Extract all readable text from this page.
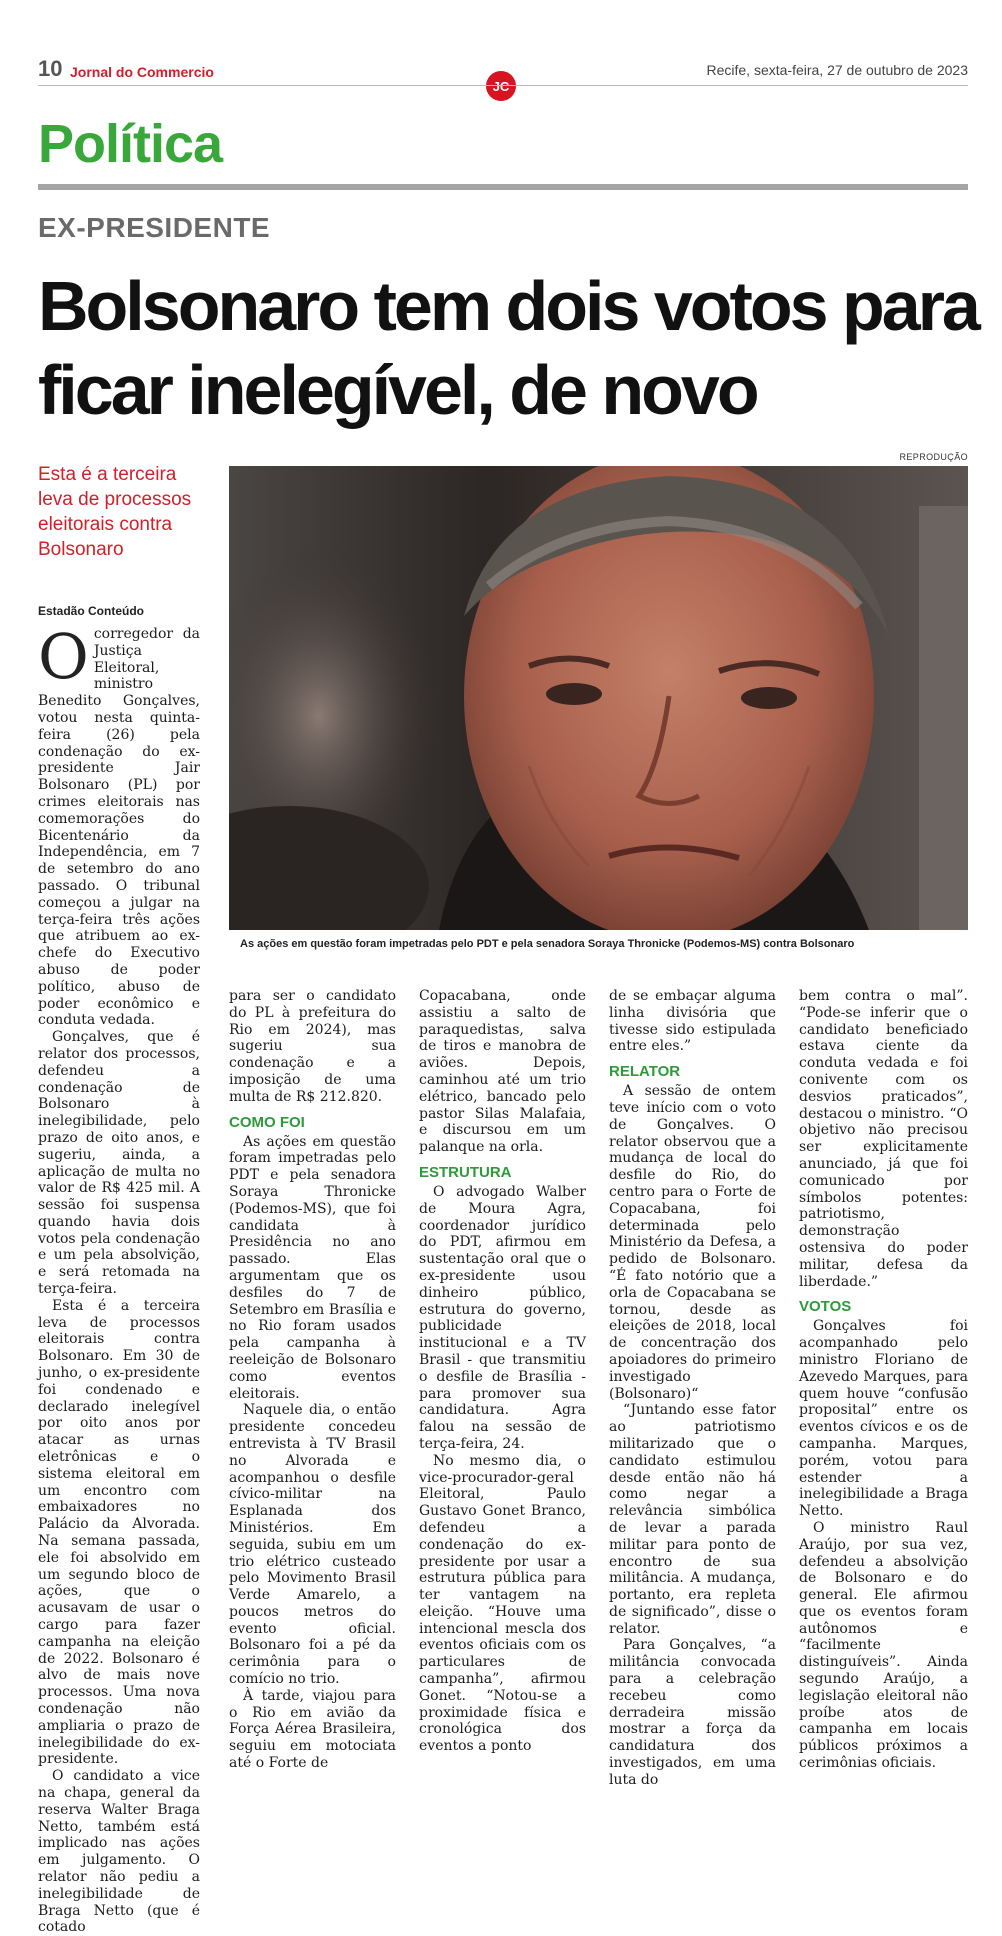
10 Jornal do Commercio
JC
Recife, sexta-feira, 27 de outubro de 2023
Política
EX-PRESIDENTE
Bolsonaro tem dois votos para ficar inelegível, de novo
REPRODUÇÃO

Esta é a terceira leva de processos eleitorais contra Bolsonaro

Estadão Conteúdo
As ações em questão foram impetradas pelo PDT e pela senadora Soraya Thronicke (Podemos-MS) contra Bolsonaro

Ocorregedor da Justiça Eleitoral, ministro Benedito Gonçalves, votou nesta quinta-feira (26) pela condenação do ex-presidente Jair Bolsonaro (PL) por crimes eleitorais nas comemorações do Bicentenário da Independência, em 7 de setembro do ano passado. O tribunal começou a julgar na terça-feira três ações que atribuem ao ex-chefe do Executivo abuso de poder político, abuso de poder econômico e conduta vedada.

Gonçalves, que é relator dos processos, defendeu a condenação de Bolsonaro à inelegibilidade, pelo prazo de oito anos, e sugeriu, ainda, a aplicação de multa no valor de R$ 425 mil. A sessão foi suspensa quando havia dois votos pela condenação e um pela absolvição, e será retomada na terça-feira.

Esta é a terceira leva de processos eleitorais contra Bolsonaro. Em 30 de junho, o ex-presidente foi condenado e declarado inelegível por oito anos por atacar as urnas eletrônicas e o sistema eleitoral em um encontro com embaixadores no Palácio da Alvorada. Na semana passada, ele foi absolvido em um segundo bloco de ações, que o acusavam de usar o cargo para fazer campanha na eleição de 2022. Bolsonaro é alvo de mais nove processos. Uma nova condenação não ampliaria o prazo de inelegibilidade do ex-presidente.

O candidato a vice na chapa, general da reserva Walter Braga Netto, também está implicado nas ações em julgamento. O relator não pediu a inelegibilidade de Braga Netto (que é cotado

para ser o candidato do PL à prefeitura do Rio em 2024), mas sugeriu sua condenação e a imposição de uma multa de R$ 212.820.

COMO FOI

As ações em questão foram impetradas pelo PDT e pela senadora Soraya Thronicke (Podemos-MS), que foi candidata à Presidência no ano passado. Elas argumentam que os desfiles do 7 de Setembro em Brasília e no Rio foram usados pela campanha à reeleição de Bolsonaro como eventos eleitorais.

Naquele dia, o então presidente concedeu entrevista à TV Brasil no Alvorada e acompanhou o desfile cívico-militar na Esplanada dos Ministérios. Em seguida, subiu em um trio elétrico custeado pelo Movimento Brasil Verde Amarelo, a poucos metros do evento oficial. Bolsonaro foi a pé da cerimônia para o comício no trio.

À tarde, viajou para o Rio em avião da Força Aérea Brasileira, seguiu em motociata até o Forte de

Copacabana, onde assistiu a salto de paraquedistas, salva de tiros e manobra de aviões. Depois, caminhou até um trio elétrico, bancado pelo pastor Silas Malafaia, e discursou em um palanque na orla.

ESTRUTURA

O advogado Walber de Moura Agra, coordenador jurídico do PDT, afirmou em sustentação oral que o ex-presidente usou dinheiro público, estrutura do governo, publicidade institucional e a TV Brasil - que transmitiu o desfile de Brasília - para promover sua candidatura. Agra falou na sessão de terça-feira, 24.

No mesmo dia, o vice-procurador-geral Eleitoral, Paulo Gustavo Gonet Branco, defendeu a condenação do ex-presidente por usar a estrutura pública para ter vantagem na eleição. “Houve uma intencional mescla dos eventos oficiais com os particulares de campanha”, afirmou Gonet. “Notou-se a proximidade física e cronológica dos eventos a ponto

de se embaçar alguma linha divisória que tivesse sido estipulada entre eles.”

RELATOR

A sessão de ontem teve início com o voto de Gonçalves. O relator observou que a mudança de local do desfile do Rio, do centro para o Forte de Copacabana, foi determinada pelo Ministério da Defesa, a pedido de Bolsonaro. “É fato notório que a orla de Copacabana se tornou, desde as eleições de 2018, local de concentração dos apoiadores do primeiro investigado (Bolsonaro)“

“Juntando esse fator ao patriotismo militarizado que o candidato estimulou desde então não há como negar a relevância simbólica de levar a parada militar para ponto de encontro de sua militância. A mudança, portanto, era repleta de significado”, disse o relator.

Para Gonçalves, “a militância convocada para a celebração recebeu como derradeira missão mostrar a força da candidatura dos investigados, em uma luta do

bem contra o mal”. “Pode-se inferir que o candidato beneficiado estava ciente da conduta vedada e foi conivente com os desvios praticados”, destacou o ministro. “O objetivo não precisou ser explicitamente anunciado, já que foi comunicado por símbolos potentes: patriotismo, demonstração ostensiva do poder militar, defesa da liberdade.”

VOTOS

Gonçalves foi acompanhado pelo ministro Floriano de Azevedo Marques, para quem houve “confusão proposital” entre os eventos cívicos e os de campanha. Marques, porém, votou para estender a inelegibilidade a Braga Netto.

O ministro Raul Araújo, por sua vez, defendeu a absolvição de Bolsonaro e do general. Ele afirmou que os eventos foram autônomos e “facilmente distinguíveis”. Ainda segundo Araújo, a legislação eleitoral não proíbe atos de campanha em locais públicos próximos a cerimônias oficiais.
